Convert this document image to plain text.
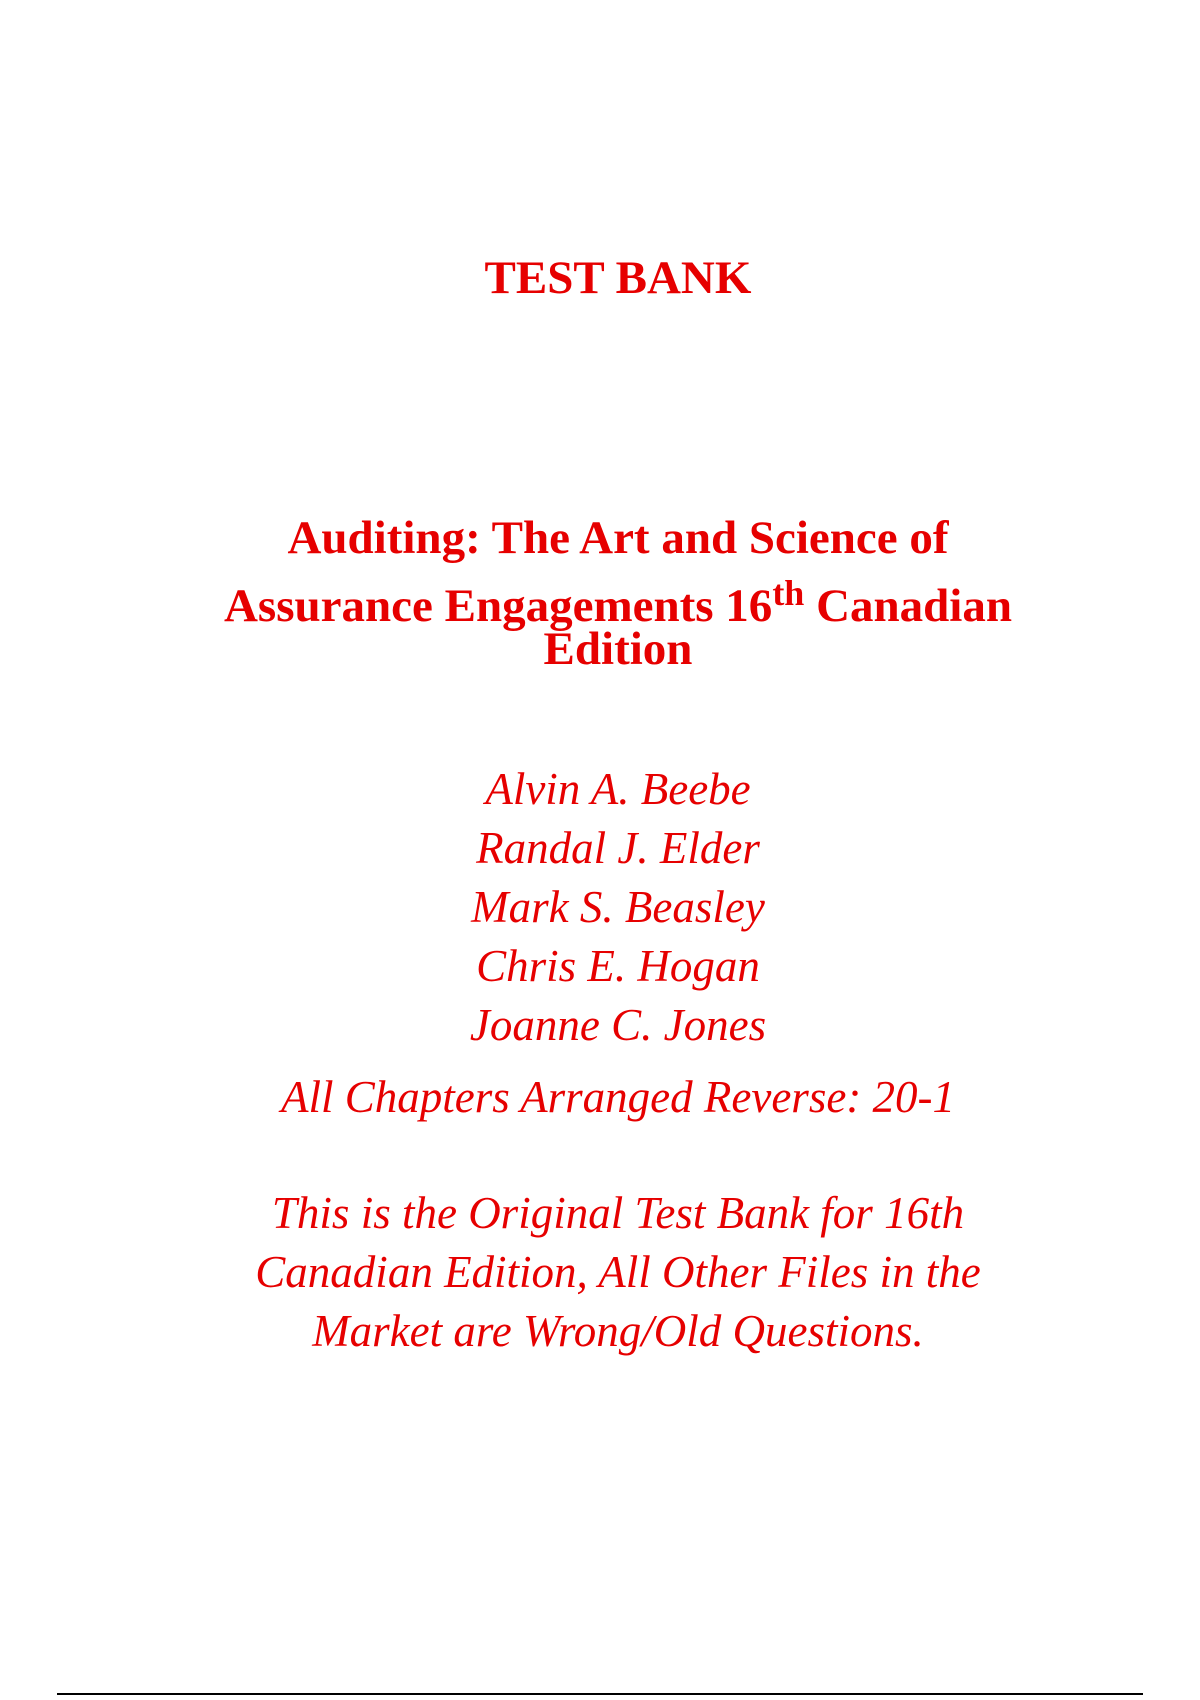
TEST BANK
Auditing: The Art and Science of
Assurance Engagements 16th Canadian
Edition
Alvin A. Beebe
Randal J. Elder
Mark S. Beasley
Chris E. Hogan
Joanne C. Jones
All Chapters Arranged Reverse: 20-1
This is the Original Test Bank for 16th
Canadian Edition, All Other Files in the
Market are Wrong/Old Questions.
